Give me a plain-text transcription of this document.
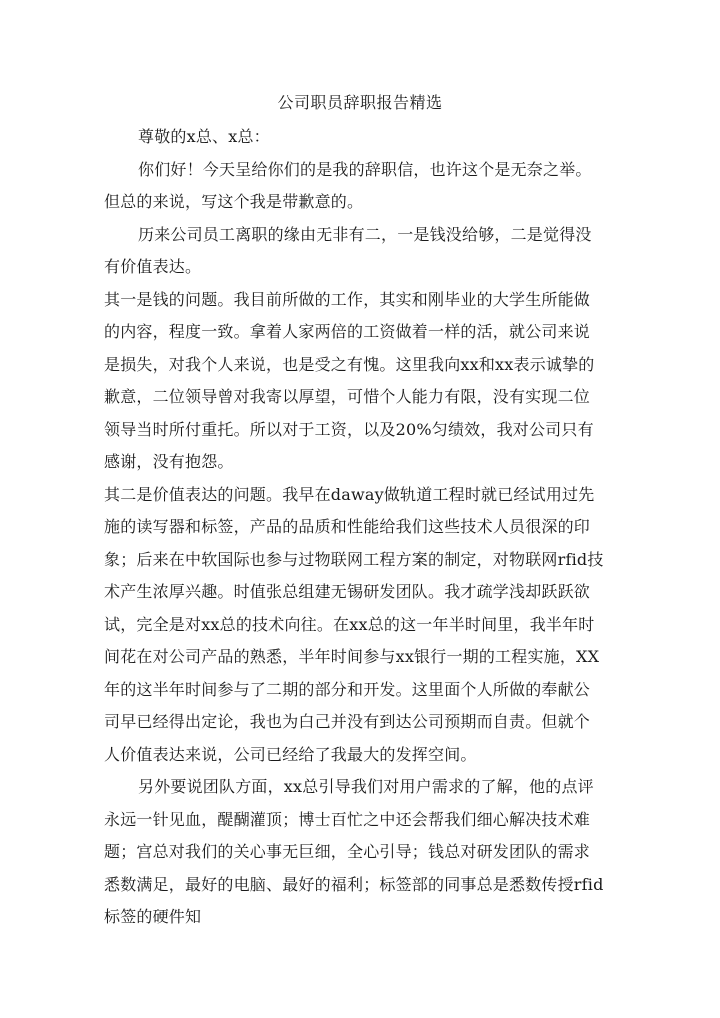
公司职员辞职报告精选

尊敬的x总、x总：

你们好！今天呈给你们的是我的辞职信，也许这个是无奈之举。但总的来说，写这个我是带歉意的。

历来公司员工离职的缘由无非有二，一是钱没给够，二是觉得没有价值表达。

其一是钱的问题。我目前所做的工作，其实和刚毕业的大学生所能做的内容，程度一致。拿着人家两倍的工资做着一样的活，就公司来说是损失，对我个人来说，也是受之有愧。这里我向xx和xx表示诚挚的歉意，二位领导曾对我寄以厚望，可惜个人能力有限，没有实现二位领导当时所付重托。所以对于工资，以及20%匀绩效，我对公司只有感谢，没有抱怨。

其二是价值表达的问题。我早在daway做轨道工程时就已经试用过先施的读写器和标签，产品的品质和性能给我们这些技术人员很深的印象；后来在中软国际也参与过物联网工程方案的制定，对物联网rfid技术产生浓厚兴趣。时值张总组建无锡研发团队。我才疏学浅却跃跃欲试，完全是对xx总的技术向往。在xx总的这一年半时间里，我半年时间花在对公司产品的熟悉，半年时间参与xx银行一期的工程实施，XX年的这半年时间参与了二期的部分和开发。这里面个人所做的奉献公司早已经得出定论，我也为白己并没有到达公司预期而自责。但就个人价值表达来说，公司已经给了我最大的发挥空间。

另外要说团队方面，xx总引导我们对用户需求的了解，他的点评永远一针见血，醍醐灌顶；博士百忙之中还会帮我们细心解决技术难题；宫总对我们的关心事无巨细，全心引导；钱总对研发团队的需求悉数满足，最好的电脑、最好的福利；标签部的同事总是悉数传授rfid标签的硬件知
